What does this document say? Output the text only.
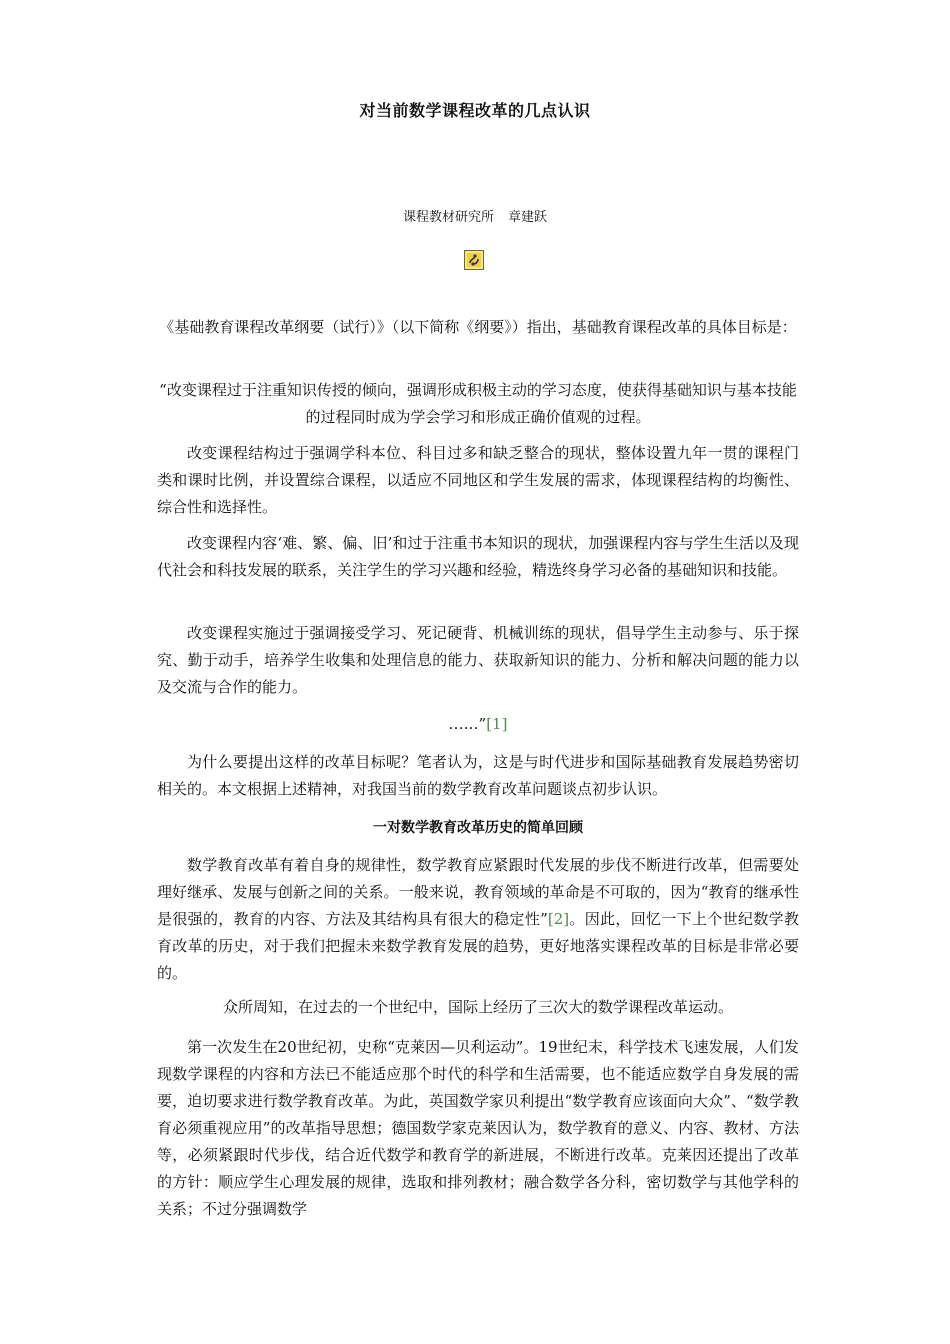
对当前数学课程改革的几点认识
课程教材研究所 章建跃

《基础教育课程改革纲要（试行）》（以下简称《纲要》）指出，基础教育课程改革的具体目标是：

“改变课程过于注重知识传授的倾向，强调形成积极主动的学习态度，使获得基础知识与基本技能的过程同时成为学会学习和形成正确价值观的过程。

改变课程结构过于强调学科本位、科目过多和缺乏整合的现状，整体设置九年一贯的课程门类和课时比例，并设置综合课程，以适应不同地区和学生发展的需求，体现课程结构的均衡性、综合性和选择性。

改变课程内容‘难、繁、偏、旧’和过于注重书本知识的现状，加强课程内容与学生生活以及现代社会和科技发展的联系，关注学生的学习兴趣和经验，精选终身学习必备的基础知识和技能。

改变课程实施过于强调接受学习、死记硬背、机械训练的现状，倡导学生主动参与、乐于探究、勤于动手，培养学生收集和处理信息的能力、获取新知识的能力、分析和解决问题的能力以及交流与合作的能力。

……”[1]

为什么要提出这样的改革目标呢？笔者认为，这是与时代进步和国际基础教育发展趋势密切相关的。本文根据上述精神，对我国当前的数学教育改革问题谈点初步认识。

一对数学教育改革历史的简单回顾

数学教育改革有着自身的规律性，数学教育应紧跟时代发展的步伐不断进行改革，但需要处理好继承、发展与创新之间的关系。一般来说，教育领域的革命是不可取的，因为“教育的继承性是很强的，教育的内容、方法及其结构具有很大的稳定性”[2]。因此，回忆一下上个世纪数学教育改革的历史，对于我们把握未来数学教育发展的趋势，更好地落实课程改革的目标是非常必要的。

众所周知，在过去的一个世纪中，国际上经历了三次大的数学课程改革运动。

第一次发生在20世纪初，史称“克莱因—贝利运动”。19世纪末，科学技术飞速发展，人们发现数学课程的内容和方法已不能适应那个时代的科学和生活需要，也不能适应数学自身发展的需要，迫切要求进行数学教育改革。为此，英国数学家贝利提出“数学教育应该面向大众”、“数学教育必须重视应用”的改革指导思想；德国数学家克莱因认为，数学教育的意义、内容、教材、方法等，必须紧跟时代步伐，结合近代数学和教育学的新进展，不断进行改革。克莱因还提出了改革的方针：顺应学生心理发展的规律，选取和排列教材；融合数学各分科，密切数学与其他学科的关系；不过分强调数学
